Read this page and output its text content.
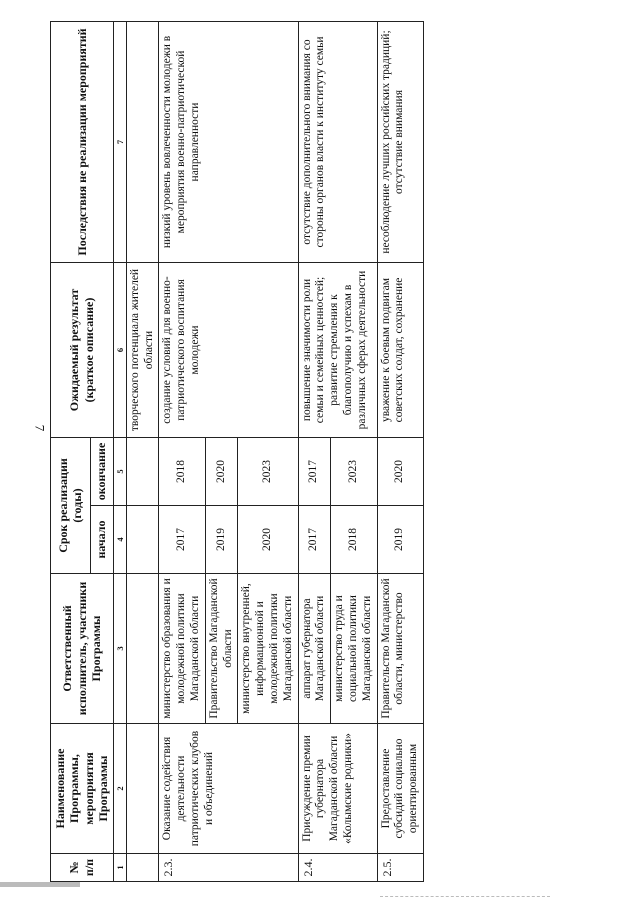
7
№ п/п	Наименование Программы, мероприятия Программы	Ответственный исполнитель, участники Программы	Срок реализации (годы)		Ожидаемый результат (краткое описание)	Последствия не реализации мероприятий
			начало	окончание		
1	2	3	4	5	6	7
					творческого потенциала жителей области	
2.3.	Оказание содействия деятельности патриотических клубов и объединений	министерство образования и молодежной политики Магаданской области	2017	2018	создание условий для военно-патриотического воспитания молодежи	низкий уровень вовлеченности молодежи в мероприятия военно-патриотической направленности
		Правительство Магаданской области	2019	2020		
		министерство внутренней, информационной и молодежной политики Магаданской области	2020	2023		
2.4.	Присуждение премии губернатора Магаданской области «Колымские родники»	аппарат губернатора Магаданской области	2017	2017	повышение значимости роли семьи и семейных ценностей; развитие стремления к благополучию и успехам в различных сферах деятельности	отсутствие дополнительного внимания со стороны органов власти к институту семьи
		министерство труда и социальной политики Магаданской области	2018	2023		
2.5.	Предоставление субсидий социально ориентированным	Правительство Магаданской области, министерство	2019	2020	уважение к боевым подвигам советских солдат, сохранение	несоблюдение лучших российских традиций; отсутствие внимания
